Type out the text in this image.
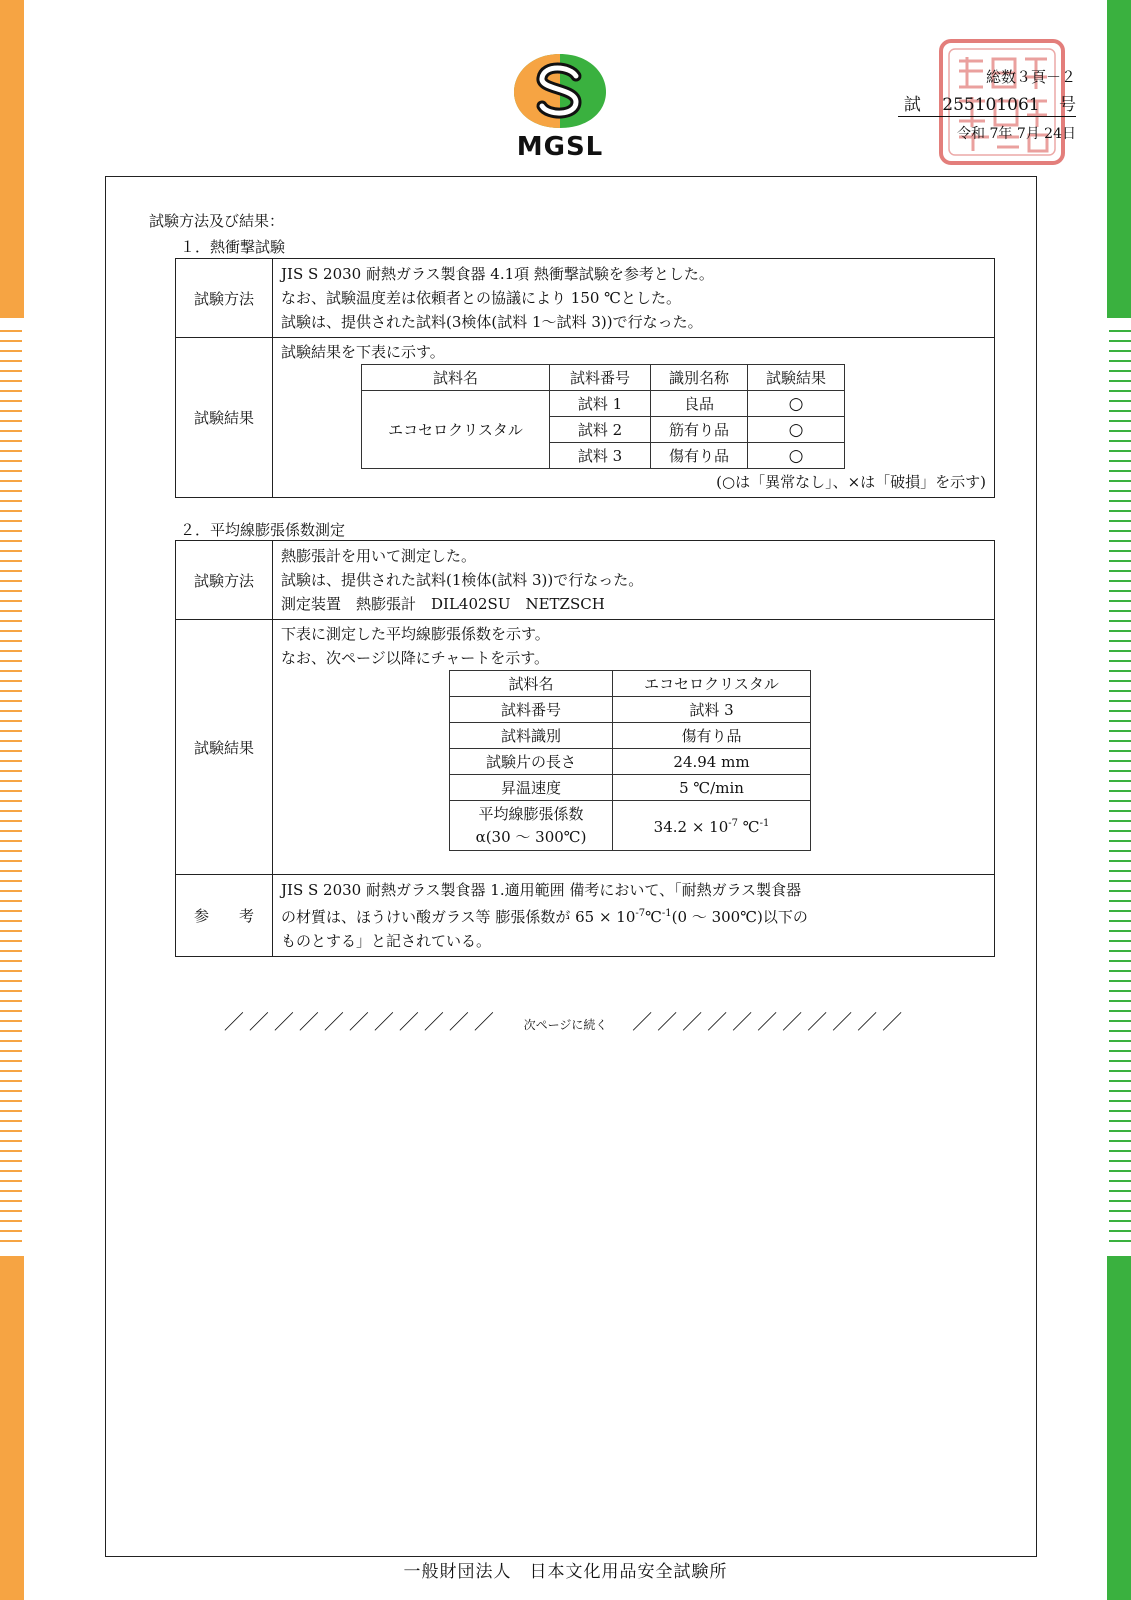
MGSL
総数３頁－２
試 255101061 号
令和 7年 7月 24日
試験方法及び結果：
１．熱衝撃試験
試験方法	
JIS S 2030 耐熱ガラス製食器 4.1項 熱衝撃試験を参考とした。
なお、試験温度差は依頼者との協議により 150 ℃とした。
試験は、提供された試料(3検体(試料 1～試料 3))で行なった。

試験結果	
試験結果を下表に示す。
試料名	試料番号	識別名称	試験結果
エコセロクリスタル	試料 1	良品	○
試料 2	筋有り品	○
試料 3	傷有り品	○
(○は「異常なし」、×は「破損」を示す)
２．平均線膨張係数測定
試験方法	
熱膨張計を用いて測定した。
試験は、提供された試料(1検体(試料 3))で行なった。
測定装置　熱膨張計　DIL402SU　NETZSCH

試験結果	
下表に測定した平均線膨張係数を示す。
なお、次ページ以降にチャートを示す。
試料名	エコセロクリスタル
試料番号	試料 3
試料識別	傷有り品
試験片の長さ	24.94 mm
昇温速度	5 ℃/min

平均線膨張係数
α(30 ～ 300℃)
	$34.2 \times 10^{-7}$ ℃$^{-1}$

参　　考	
JIS S 2030 耐熱ガラス製食器 1.適用範囲 備考において、「耐熱ガラス製食器
の材質は、ほうけい酸ガラス等 膨張係数が $65 \times 10^{-7}℃^{-1}(0$ ～ 300℃)以下の
ものとする」と記されている。
／／／／／／／／／／／ 次ページに続く ／／／／／／／／／／／
一般財団法人　日本文化用品安全試験所
